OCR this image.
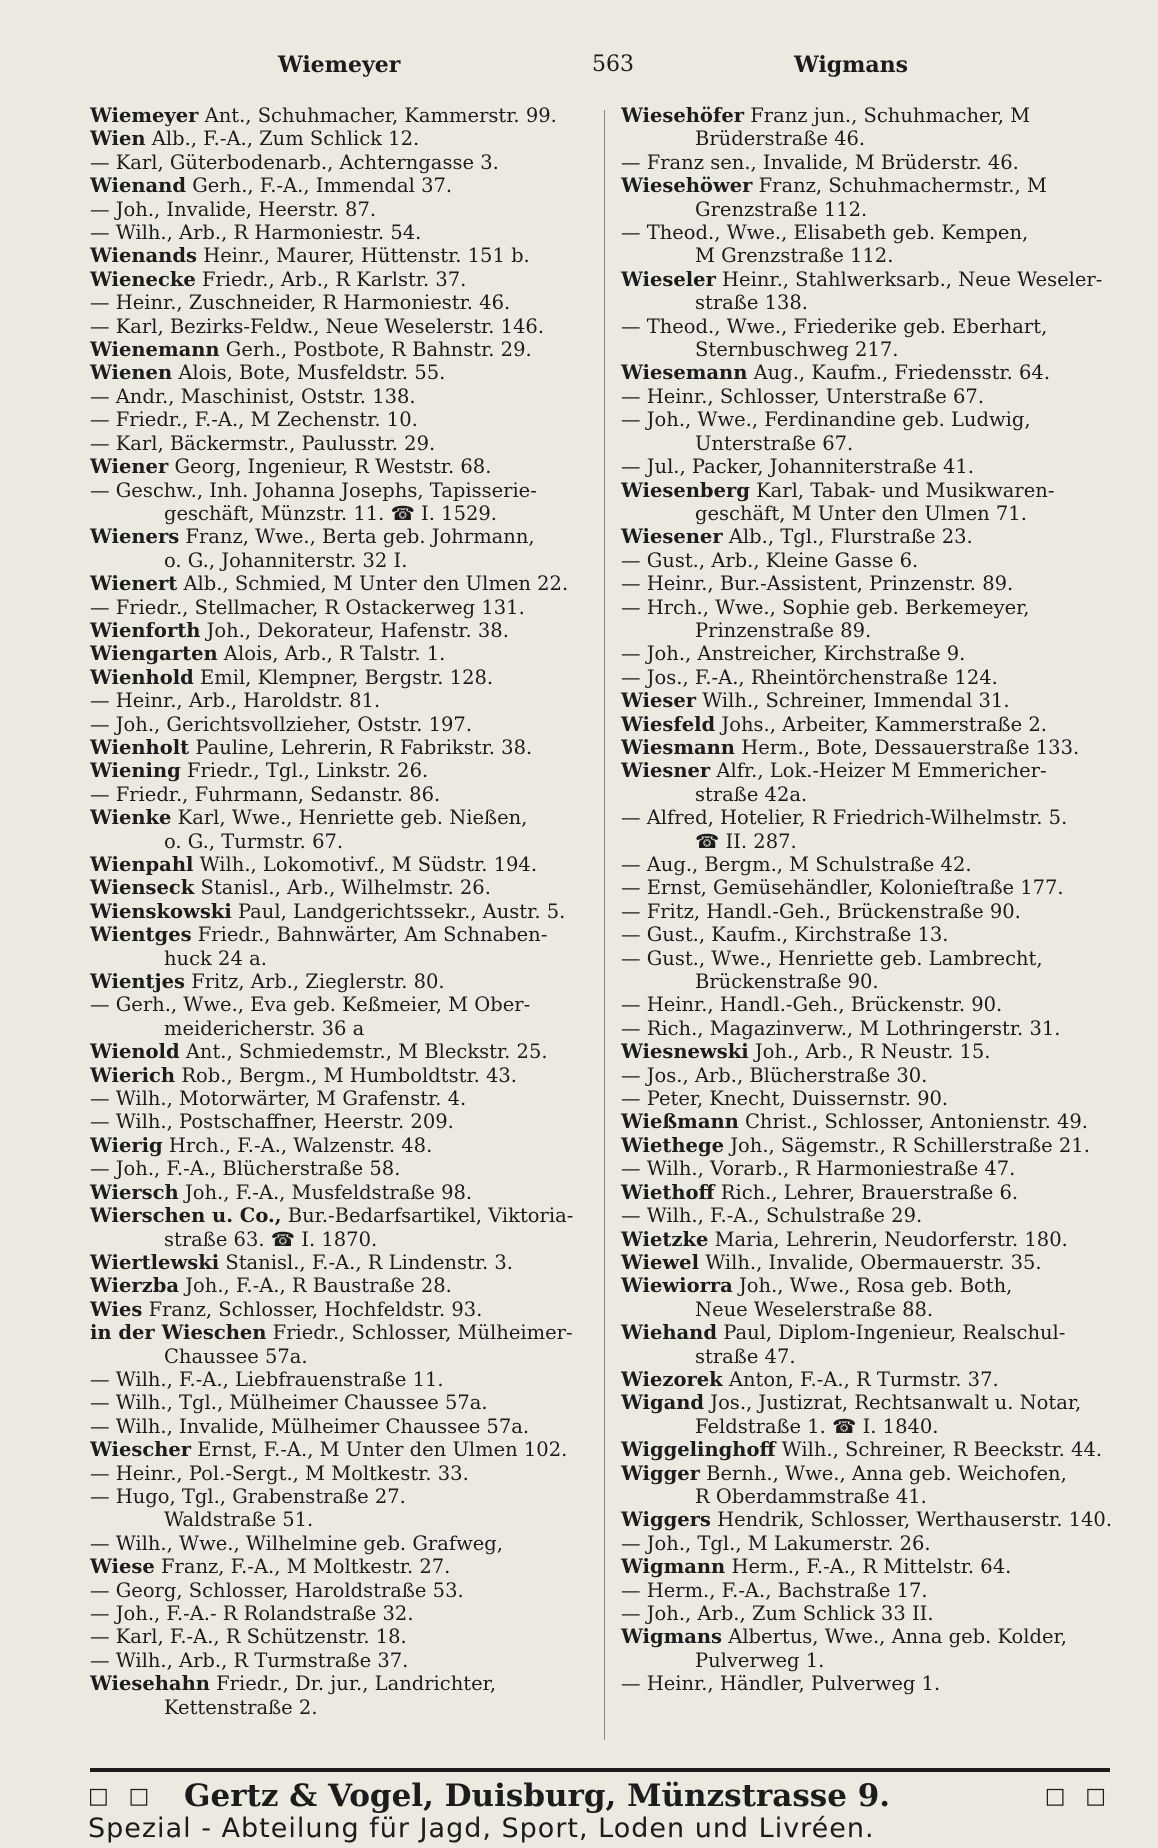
Wiemeyer	563	Wigmans
Wiemeyer Ant., Schuhmacher, Kammerstr. 99.
Wien Alb., F.-A., Zum Schlick 12.
— Karl, Güterbodenarb., Achterngasse 3.
Wienand Gerh., F.-A., Immendal 37.
— Joh., Invalide, Heerstr. 87.
— Wilh., Arb., R Harmoniestr. 54.
Wienands Heinr., Maurer, Hüttenstr. 151 b.
Wienecke Friedr., Arb., R Karlstr. 37.
— Heinr., Zuschneider, R Harmoniestr. 46.
— Karl, Bezirks-Feldw., Neue Weselerstr. 146.
Wienemann Gerh., Postbote, R Bahnstr. 29.
Wienen Alois, Bote, Musfeldstr. 55.
— Andr., Maschinist, Oststr. 138.
— Friedr., F.-A., M Zechenstr. 10.
— Karl, Bäckermstr., Paulusstr. 29.
Wiener Georg, Ingenieur, R Weststr. 68.
— Geschw., Inh. Johanna Josephs, Tapisserie-
geschäft, Münzstr. 11. ☎ I. 1529.
Wieners Franz, Wwe., Berta geb. Johrmann,
o. G., Johanniterstr. 32 I.
Wienert Alb., Schmied, M Unter den Ulmen 22.
— Friedr., Stellmacher, R Ostackerweg 131.
Wienforth Joh., Dekorateur, Hafenstr. 38.
Wiengarten Alois, Arb., R Talstr. 1.
Wienhold Emil, Klempner, Bergstr. 128.
— Heinr., Arb., Haroldstr. 81.
— Joh., Gerichtsvollzieher, Oststr. 197.
Wienholt Pauline, Lehrerin, R Fabrikstr. 38.
Wiening Friedr., Tgl., Linkstr. 26.
— Friedr., Fuhrmann, Sedanstr. 86.
Wienke Karl, Wwe., Henriette geb. Nießen,
o. G., Turmstr. 67.
Wienpahl Wilh., Lokomotivf., M Südstr. 194.
Wienseck Stanisl., Arb., Wilhelmstr. 26.
Wienskowski Paul, Landgerichtssekr., Austr. 5.
Wientges Friedr., Bahnwärter, Am Schnaben-
huck 24 a.
Wientjes Fritz, Arb., Zieglerstr. 80.
— Gerh., Wwe., Eva geb. Keßmeier, M Ober-
meidericherstr. 36 a
Wienold Ant., Schmiedemstr., M Bleckstr. 25.
Wierich Rob., Bergm., M Humboldtstr. 43.
— Wilh., Motorwärter, M Grafenstr. 4.
— Wilh., Postschaffner, Heerstr. 209.
Wierig Hrch., F.-A., Walzenstr. 48.
— Joh., F.-A., Blücherstraße 58.
Wiersch Joh., F.-A., Musfeldstraße 98.
Wierschen u. Co., Bur.-Bedarfsartikel, Viktoria-
straße 63. ☎ I. 1870.
Wiertlewski Stanisl., F.-A., R Lindenstr. 3.
Wierzba Joh., F.-A., R Baustraße 28.
Wies Franz, Schlosser, Hochfeldstr. 93.
in der Wieschen Friedr., Schlosser, Mülheimer-
Chaussee 57a.
— Wilh., F.-A., Liebfrauenstraße 11.
— Wilh., Tgl., Mülheimer Chaussee 57a.
— Wilh., Invalide, Mülheimer Chaussee 57a.
Wiescher Ernst, F.-A., M Unter den Ulmen 102.
— Heinr., Pol.-Sergt., M Moltkestr. 33.
— Hugo, Tgl., Grabenstraße 27.
Waldstraße 51.
— Wilh., Wwe., Wilhelmine geb. Grafweg,
Wiese Franz, F.-A., M Moltkestr. 27.
— Georg, Schlosser, Haroldstraße 53.
— Joh., F.-A.- R Rolandstraße 32.
— Karl, F.-A., R Schützenstr. 18.
— Wilh., Arb., R Turmstraße 37.
Wiesehahn Friedr., Dr. jur., Landrichter,
Kettenstraße 2.
Wiesehöfer Franz jun., Schuhmacher, M
Brüderstraße 46.
— Franz sen., Invalide, M Brüderstr. 46.
Wiesehöwer Franz, Schuhmachermstr., M
Grenzstraße 112.
— Theod., Wwe., Elisabeth geb. Kempen,
M Grenzstraße 112.
Wieseler Heinr., Stahlwerksarb., Neue Weseler-
straße 138.
— Theod., Wwe., Friederike geb. Eberhart,
Sternbuschweg 217.
Wiesemann Aug., Kaufm., Friedensstr. 64.
— Heinr., Schlosser, Unterstraße 67.
— Joh., Wwe., Ferdinandine geb. Ludwig,
Unterstraße 67.
— Jul., Packer, Johanniterstraße 41.
Wiesenberg Karl, Tabak- und Musikwaren-
geschäft, M Unter den Ulmen 71.
Wiesener Alb., Tgl., Flurstraße 23.
— Gust., Arb., Kleine Gasse 6.
— Heinr., Bur.-Assistent, Prinzenstr. 89.
— Hrch., Wwe., Sophie geb. Berkemeyer,
Prinzenstraße 89.
— Joh., Anstreicher, Kirchstraße 9.
— Jos., F.-A., Rheintörchenstraße 124.
Wieser Wilh., Schreiner, Immendal 31.
Wiesfeld Johs., Arbeiter, Kammerstraße 2.
Wiesmann Herm., Bote, Dessauerstraße 133.
Wiesner Alfr., Lok.-Heizer M Emmericher-
straße 42a.
— Alfred, Hotelier, R Friedrich-Wilhelmstr. 5.
☎ II. 287.
— Aug., Bergm., M Schulstraße 42.
— Ernst, Gemüsehändler, Kolonieſtraße 177.
— Fritz, Handl.-Geh., Brückenstraße 90.
— Gust., Kaufm., Kirchstraße 13.
— Gust., Wwe., Henriette geb. Lambrecht,
Brückenstraße 90.
— Heinr., Handl.-Geh., Brückenstr. 90.
— Rich., Magazinverw., M Lothringerstr. 31.
Wiesnewski Joh., Arb., R Neustr. 15.
— Jos., Arb., Blücherstraße 30.
— Peter, Knecht, Duissernstr. 90.
Wießmann Christ., Schlosser, Antonienstr. 49.
Wiethege Joh., Sägemstr., R Schillerstraße 21.
— Wilh., Vorarb., R Harmoniestraße 47.
Wiethoff Rich., Lehrer, Brauerstraße 6.
— Wilh., F.-A., Schulstraße 29.
Wietzke Maria, Lehrerin, Neudorferstr. 180.
Wiewel Wilh., Invalide, Obermauerstr. 35.
Wiewiorra Joh., Wwe., Rosa geb. Both,
Neue Weselerstraße 88.
Wiehand Paul, Diplom-Ingenieur, Realschul-
straße 47.
Wiezorek Anton, F.-A., R Turmstr. 37.
Wigand Jos., Justizrat, Rechtsanwalt u. Notar,
Feldstraße 1. ☎ I. 1840.
Wiggelinghoff Wilh., Schreiner, R Beeckstr. 44.
Wigger Bernh., Wwe., Anna geb. Weichofen,
R Oberdammstraße 41.
Wiggers Hendrik, Schlosser, Werthauserstr. 140.
— Joh., Tgl., M Lakumerstr. 26.
Wigmann Herm., F.-A., R Mittelstr. 64.
— Herm., F.-A., Bachstraße 17.
— Joh., Arb., Zum Schlick 33 II.
Wigmans Albertus, Wwe., Anna geb. Kolder,
Pulverweg 1.
— Heinr., Händler, Pulverweg 1.
□ □ Gertz & Vogel, Duisburg, Münzstrasse 9.	□ □
Spezial - Abteilung für Jagd, Sport, Loden und Livréen.
